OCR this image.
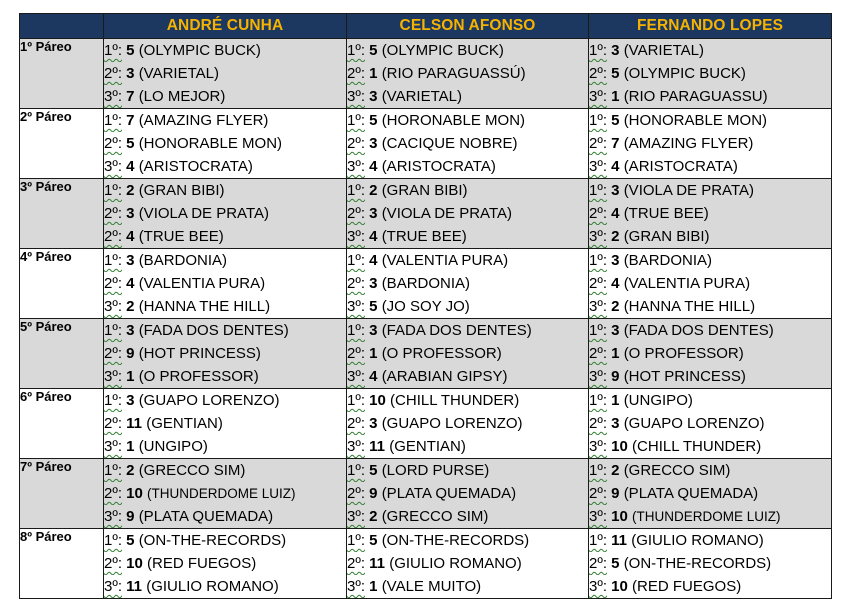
	ANDRÉ CUNHA	CELSON AFONSO	FERNANDO LOPES
1º Páreo	1º: 5 (OLYMPIC BUCK)
2º: 3 (VARIETAL)
3º: 7 (LO MEJOR)	1º: 5 (OLYMPIC BUCK)
2º: 1 (RIO PARAGUASSÚ)
3º: 3 (VARIETAL)	1º: 3 (VARIETAL)
2º: 5 (OLYMPIC BUCK)
3º: 1 (RIO PARAGUASSU)

2º Páreo	1º: 7 (AMAZING FLYER)
2º: 5 (HONORABLE MON)
3º: 4 (ARISTOCRATA)	1º: 5 (HORONABLE MON)
2º: 3 (CACIQUE NOBRE)
3º: 4 (ARISTOCRATA)	1º: 5 (HONORABLE MON)
2º: 7 (AMAZING FLYER)
3º: 4 (ARISTOCRATA)

3º Páreo	1º: 2 (GRAN BIBI)
2º: 3 (VIOLA DE PRATA)
2º: 4 (TRUE BEE)	1º: 2 (GRAN BIBI)
2º: 3 (VIOLA DE PRATA)
3º: 4 (TRUE BEE)	1º: 3 (VIOLA DE PRATA)
2º: 4 (TRUE BEE)
3º: 2 (GRAN BIBI)

4º Páreo	1º: 3 (BARDONIA)
2º: 4 (VALENTIA PURA)
3º: 2 (HANNA THE HILL)	1º: 4 (VALENTIA PURA)
2º: 3 (BARDONIA)
3º: 5 (JO SOY JO)	1º: 3 (BARDONIA)
2º: 4 (VALENTIA PURA)
3º: 2 (HANNA THE HILL)

5º Páreo	1º: 3 (FADA DOS DENTES)
2º: 9 (HOT PRINCESS)
3º: 1 (O PROFESSOR)	1º: 3 (FADA DOS DENTES)
2º: 1 (O PROFESSOR)
3º: 4 (ARABIAN GIPSY)	1º: 3 (FADA DOS DENTES)
2º: 1 (O PROFESSOR)
3º: 9 (HOT PRINCESS)

6º Páreo	1º: 3 (GUAPO LORENZO)
2º: 11 (GENTIAN)
3º: 1 (UNGIPO)	1º: 10 (CHILL THUNDER)
2º: 3 (GUAPO LORENZO)
3º: 11 (GENTIAN)	1º: 1 (UNGIPO)
2º: 3 (GUAPO LORENZO)
3º: 10 (CHILL THUNDER)

7º Páreo	1º: 2 (GRECCO SIM)
2º: 10 (THUNDERDOME LUIZ)
3º: 9 (PLATA QUEMADA)	1º: 5 (LORD PURSE)
2º: 9 (PLATA QUEMADA)
3º: 2 (GRECCO SIM)	1º: 2 (GRECCO SIM)
2º: 9 (PLATA QUEMADA)
3º: 10 (THUNDERDOME LUIZ)

8º Páreo	1º: 5 (ON-THE-RECORDS)
2º: 10 (RED FUEGOS)
3º: 11 (GIULIO ROMANO)	1º: 5 (ON-THE-RECORDS)
2º: 11 (GIULIO ROMANO)
3º: 1 (VALE MUITO)	1º: 11 (GIULIO ROMANO)
2º: 5 (ON-THE-RECORDS)
3º: 10 (RED FUEGOS)
